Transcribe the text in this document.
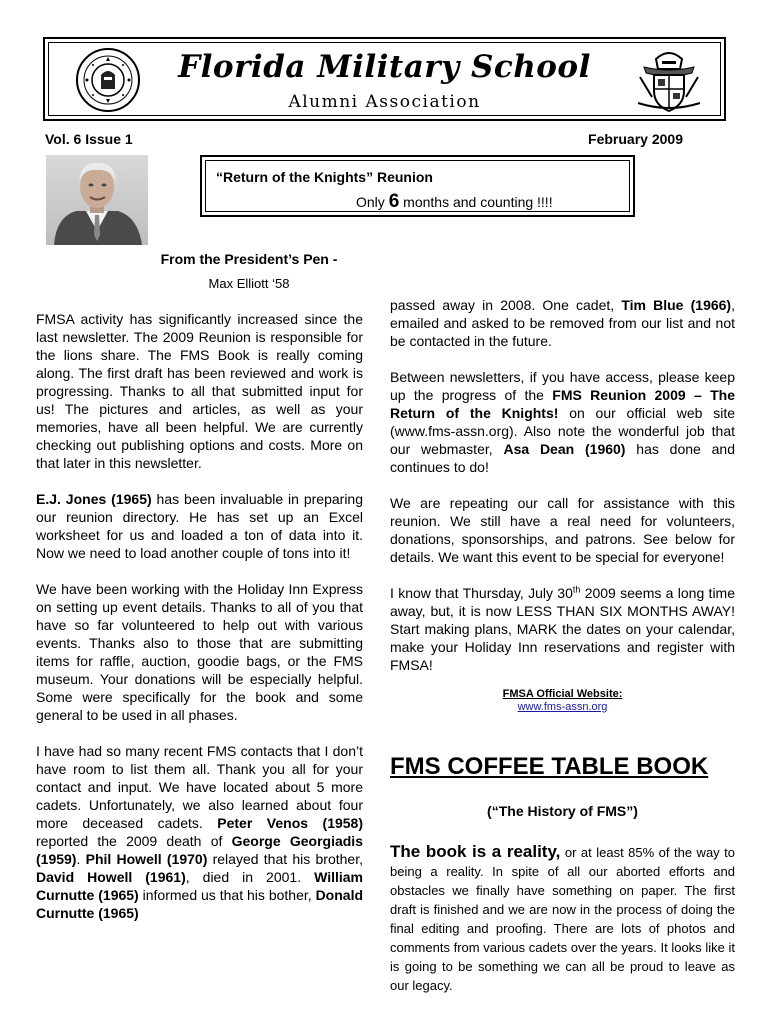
Florida Military School
Alumni Association
Vol. 6 Issue 1	February 2009
“Return of the Knights” Reunion
Only 6 months and counting !!!!
From the President’s Pen -
Max Elliott ‘58

FMSA activity has significantly increased since the last newsletter. The 2009 Reunion is responsible for the lions share. The FMS Book is really coming along. The first draft has been reviewed and work is progressing. Thanks to all that submitted input for us! The pictures and articles, as well as your memories, have all been helpful. We are currently checking out publishing options and costs. More on that later in this newsletter.

E.J. Jones (1965) has been invaluable in preparing our reunion directory. He has set up an Excel worksheet for us and loaded a ton of data into it. Now we need to load another couple of tons into it!

We have been working with the Holiday Inn Express on setting up event details. Thanks to all of you that have so far volunteered to help out with various events. Thanks also to those that are submitting items for raffle, auction, goodie bags, or the FMS museum. Your donations will be especially helpful. Some were specifically for the book and some general to be used in all phases.

I have had so many recent FMS contacts that I don’t have room to list them all. Thank you all for your contact and input. We have located about 5 more cadets. Unfortunately, we also learned about four more deceased cadets. Peter Venos (1958) reported the 2009 death of George Georgiadis (1959). Phil Howell (1970) relayed that his brother, David Howell (1961), died in 2001. William Curnutte (1965) informed us that his bother, Donald Curnutte (1965)

passed away in 2008. One cadet, Tim Blue (1966), emailed and asked to be removed from our list and not be contacted in the future.

Between newsletters, if you have access, please keep up the progress of the FMS Reunion 2009 – The Return of the Knights! on our official web site (www.fms-assn.org). Also note the wonderful job that our webmaster, Asa Dean (1960) has done and continues to do!

We are repeating our call for assistance with this reunion. We still have a real need for volunteers, donations, sponsorships, and patrons. See below for details. We want this event to be special for everyone!

I know that Thursday, July 30th 2009 seems a long time away, but, it is now LESS THAN SIX MONTHS AWAY! Start making plans, MARK the dates on your calendar, make your Holiday Inn reservations and register with FMSA!

FMSA Official Website:
www.fms-assn.org
FMS COFFEE TABLE BOOK
(“The History of FMS”)
The book is a reality, or at least 85% of the way to being a reality. In spite of all our aborted efforts and obstacles we finally have something on paper. The first draft is finished and we are now in the process of doing the final editing and proofing. There are lots of photos and comments from various cadets over the years. It looks like it is going to be something we can all be proud to leave as our legacy.
